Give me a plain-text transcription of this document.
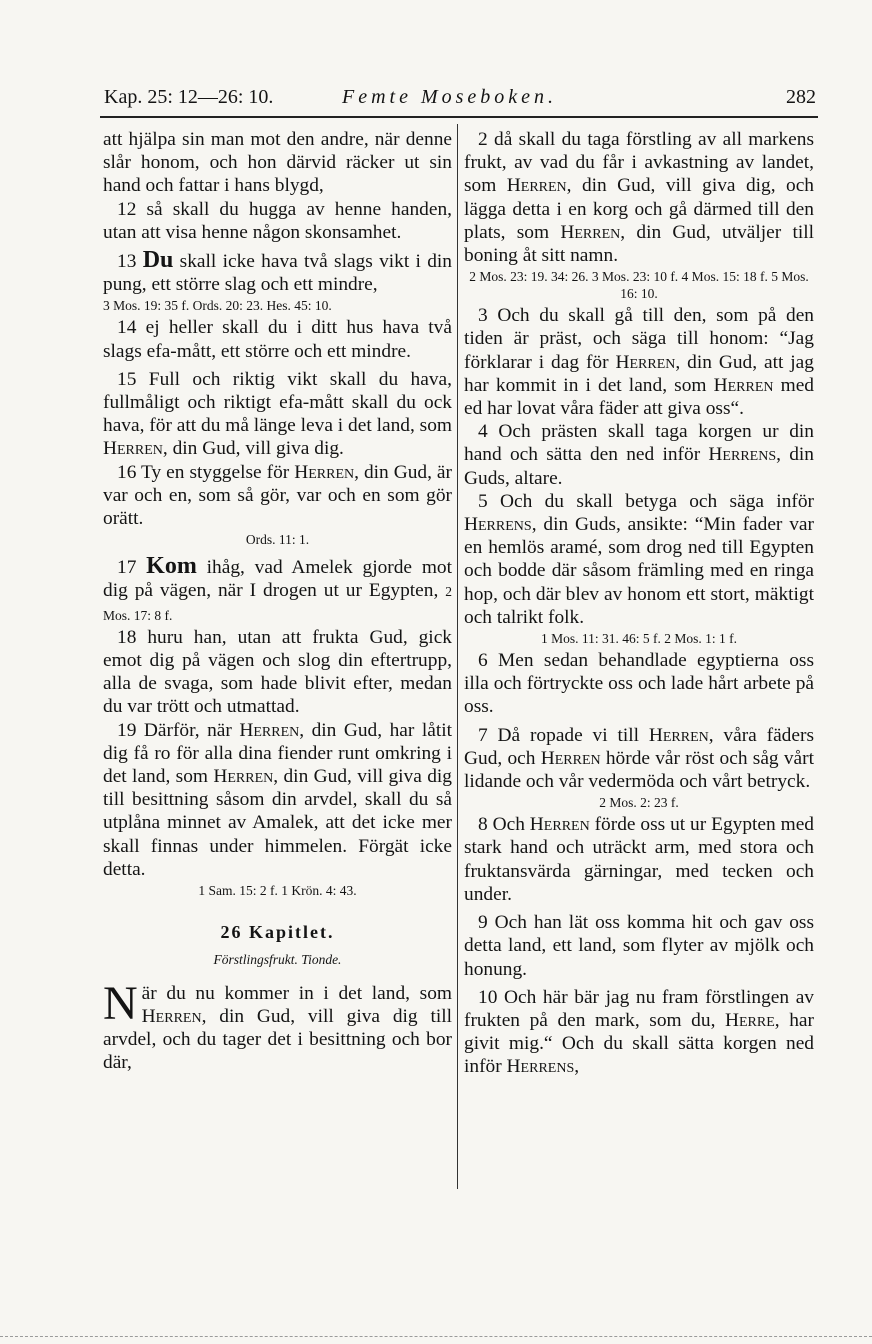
Kap. 25: 12—26: 10.	Femte Moseboken.	282

att hjälpa sin man mot den andre, när denne slår honom, och hon därvid räcker ut sin hand och fattar i hans blygd,

12 så skall du hugga av henne handen, utan att visa henne någon skonsamhet.

13 Du skall icke hava två slags vikt i din pung, ett större slag och ett mindre,

3 Mos. 19: 35 f. Ords. 20: 23. Hes. 45: 10.

14 ej heller skall du i ditt hus hava två slags efa-mått, ett större och ett mindre.

15 Full och riktig vikt skall du hava, fullmåligt och riktigt efa-mått skall du ock hava, för att du må länge leva i det land, som Herren, din Gud, vill giva dig.

16 Ty en styggelse för Herren, din Gud, är var och en, som så gör, var och en som gör orätt.

Ords. 11: 1.

17 Kom ihåg, vad Amelek gjorde mot dig på vägen, när I drogen ut ur Egypten, 2 Mos. 17: 8 f.

18 huru han, utan att frukta Gud, gick emot dig på vägen och slog din eftertrupp, alla de svaga, som hade blivit efter, medan du var trött och utmattad.

19 Därför, när Herren, din Gud, har låtit dig få ro för alla dina fiender runt omkring i det land, som Herren, din Gud, vill giva dig till besittning såsom din arvdel, skall du så utplåna minnet av Amalek, att det icke mer skall finnas under himmelen. Förgät icke detta.

1 Sam. 15: 2 f. 1 Krön. 4: 43.

26 Kapitlet.

Förstlingsfrukt. Tionde.

När du nu kommer in i det land, som Herren, din Gud, vill giva dig till arvdel, och du tager det i besittning och bor där,

2 då skall du taga förstling av all markens frukt, av vad du får i avkastning av landet, som Herren, din Gud, vill giva dig, och lägga detta i en korg och gå därmed till den plats, som Herren, din Gud, utväljer till boning åt sitt namn.

2 Mos. 23: 19. 34: 26. 3 Mos. 23: 10 f. 4 Mos. 15: 18 f. 5 Mos. 16: 10.

3 Och du skall gå till den, som på den tiden är präst, och säga till honom: “Jag förklarar i dag för Herren, din Gud, att jag har kommit in i det land, som Herren med ed har lovat våra fäder att giva oss“.

4 Och prästen skall taga korgen ur din hand och sätta den ned inför Herrens, din Guds, altare.

5 Och du skall betyga och säga inför Herrens, din Guds, ansikte: “Min fader var en hemlös aramé, som drog ned till Egypten och bodde där såsom främling med en ringa hop, och där blev av honom ett stort, mäktigt och talrikt folk.

1 Mos. 11: 31. 46: 5 f. 2 Mos. 1: 1 f.

6 Men sedan behandlade egyptierna oss illa och förtryckte oss och lade hårt arbete på oss.

7 Då ropade vi till Herren, våra fäders Gud, och Herren hörde vår röst och såg vårt lidande och vår vedermöda och vårt betryck.

2 Mos. 2: 23 f.

8 Och Herren förde oss ut ur Egypten med stark hand och uträckt arm, med stora och fruktansvärda gärningar, med tecken och under.

9 Och han lät oss komma hit och gav oss detta land, ett land, som flyter av mjölk och honung.

10 Och här bär jag nu fram förstlingen av frukten på den mark, som du, Herre, har givit mig.“ Och du skall sätta korgen ned inför Herrens,
